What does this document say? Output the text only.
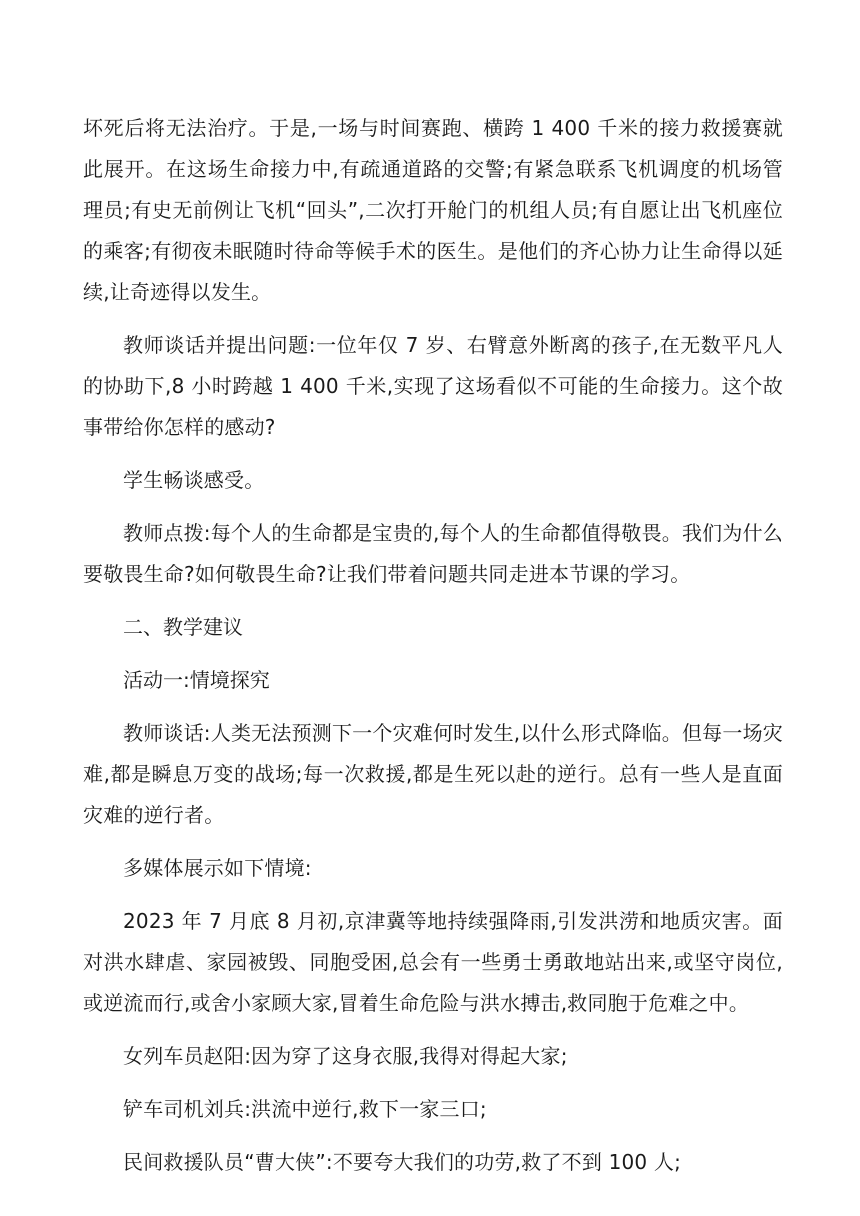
坏死后将无法治疗。于是,一场与时间赛跑、横跨 1 400 千米的接力救援赛就此展开。在这场生命接力中,有疏通道路的交警;有紧急联系飞机调度的机场管理员;有史无前例让飞机“回头”,二次打开舱门的机组人员;有自愿让出飞机座位的乘客;有彻夜未眠随时待命等候手术的医生。是他们的齐心协力让生命得以延续,让奇迹得以发生。

教师谈话并提出问题:一位年仅 7 岁、右臂意外断离的孩子,在无数平凡人的协助下,8 小时跨越 1 400 千米,实现了这场看似不可能的生命接力。这个故事带给你怎样的感动?

学生畅谈感受。

教师点拨:每个人的生命都是宝贵的,每个人的生命都值得敬畏。我们为什么要敬畏生命?如何敬畏生命?让我们带着问题共同走进本节课的学习。

二、教学建议

活动一:情境探究

教师谈话:人类无法预测下一个灾难何时发生,以什么形式降临。但每一场灾难,都是瞬息万变的战场;每一次救援,都是生死以赴的逆行。总有一些人是直面灾难的逆行者。

多媒体展示如下情境:

2023 年 7 月底 8 月初,京津冀等地持续强降雨,引发洪涝和地质灾害。面对洪水肆虐、家园被毁、同胞受困,总会有一些勇士勇敢地站出来,或坚守岗位,或逆流而行,或舍小家顾大家,冒着生命危险与洪水搏击,救同胞于危难之中。

女列车员赵阳:因为穿了这身衣服,我得对得起大家;

铲车司机刘兵:洪流中逆行,救下一家三口;

民间救援队员“曹大侠”:不要夸大我们的功劳,救了不到 100 人;
